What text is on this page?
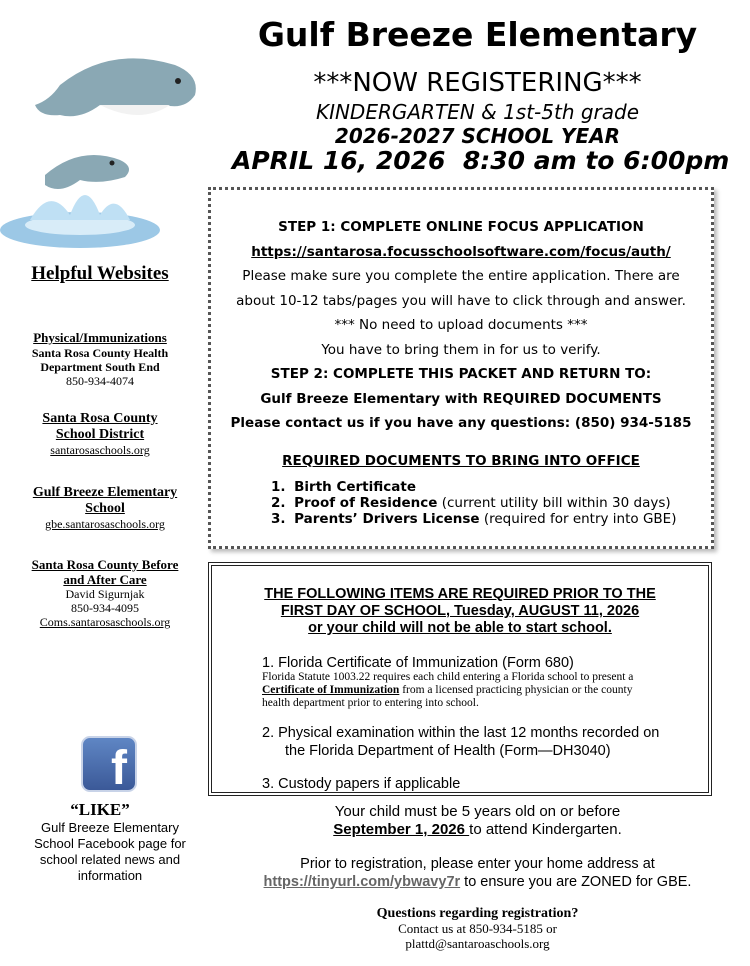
Helpful Websites
Physical/Immunizations
Santa Rosa County Health
Department South End
850-934-4074
Santa Rosa County School District
santarosaschools.org
Gulf Breeze Elementary School
gbe.santarosaschools.org
Santa Rosa County Before and After Care
David Sigurnjak
850-934-4095
Coms.santarosaschools.org
f
“LIKE”
Gulf Breeze Elementary School Facebook page for school related news and information
Gulf Breeze Elementary
***NOW REGISTERING***
KINDERGARTEN & 1st-5th grade
2026-2027 SCHOOL YEAR
APRIL 16, 2026  8:30 am to 6:00pm
STEP 1: COMPLETE ONLINE FOCUS APPLICATION
https://santarosa.focusschoolsoftware.com/focus/auth/
Please make sure you complete the entire application. There are
about 10-12 tabs/pages you will have to click through and answer.
*** No need to upload documents ***
You have to bring them in for us to verify.
STEP 2: COMPLETE THIS PACKET AND RETURN TO:
Gulf Breeze Elementary with REQUIRED DOCUMENTS
Please contact us if you have any questions: (850) 934-5185
REQUIRED DOCUMENTS TO BRING INTO OFFICE
1. Birth Certificate
2. Proof of Residence (current utility bill within 30 days)
3. Parents’ Drivers License (required for entry into GBE)
THE FOLLOWING ITEMS ARE REQUIRED PRIOR TO THE
FIRST DAY OF SCHOOL, Tuesday, AUGUST 11, 2026
or your child will not be able to start school.
1. Florida Certificate of Immunization (Form 680)
Florida Statute 1003.22 requires each child entering a Florida school to present a
Certificate of Immunization from a licensed practicing physician or the county
health department prior to entering into school.
2. Physical examination within the last 12 months recorded on
the Florida Department of Health (Form—DH3040)
3. Custody papers if applicable
Your child must be 5 years old on or before
September 1, 2026 to attend Kindergarten.
Prior to registration, please enter your home address at
https://tinyurl.com/ybwavy7r to ensure you are ZONED for GBE.
Questions regarding registration?
Contact us at 850-934-5185 or
plattd@santaroaschools.org
